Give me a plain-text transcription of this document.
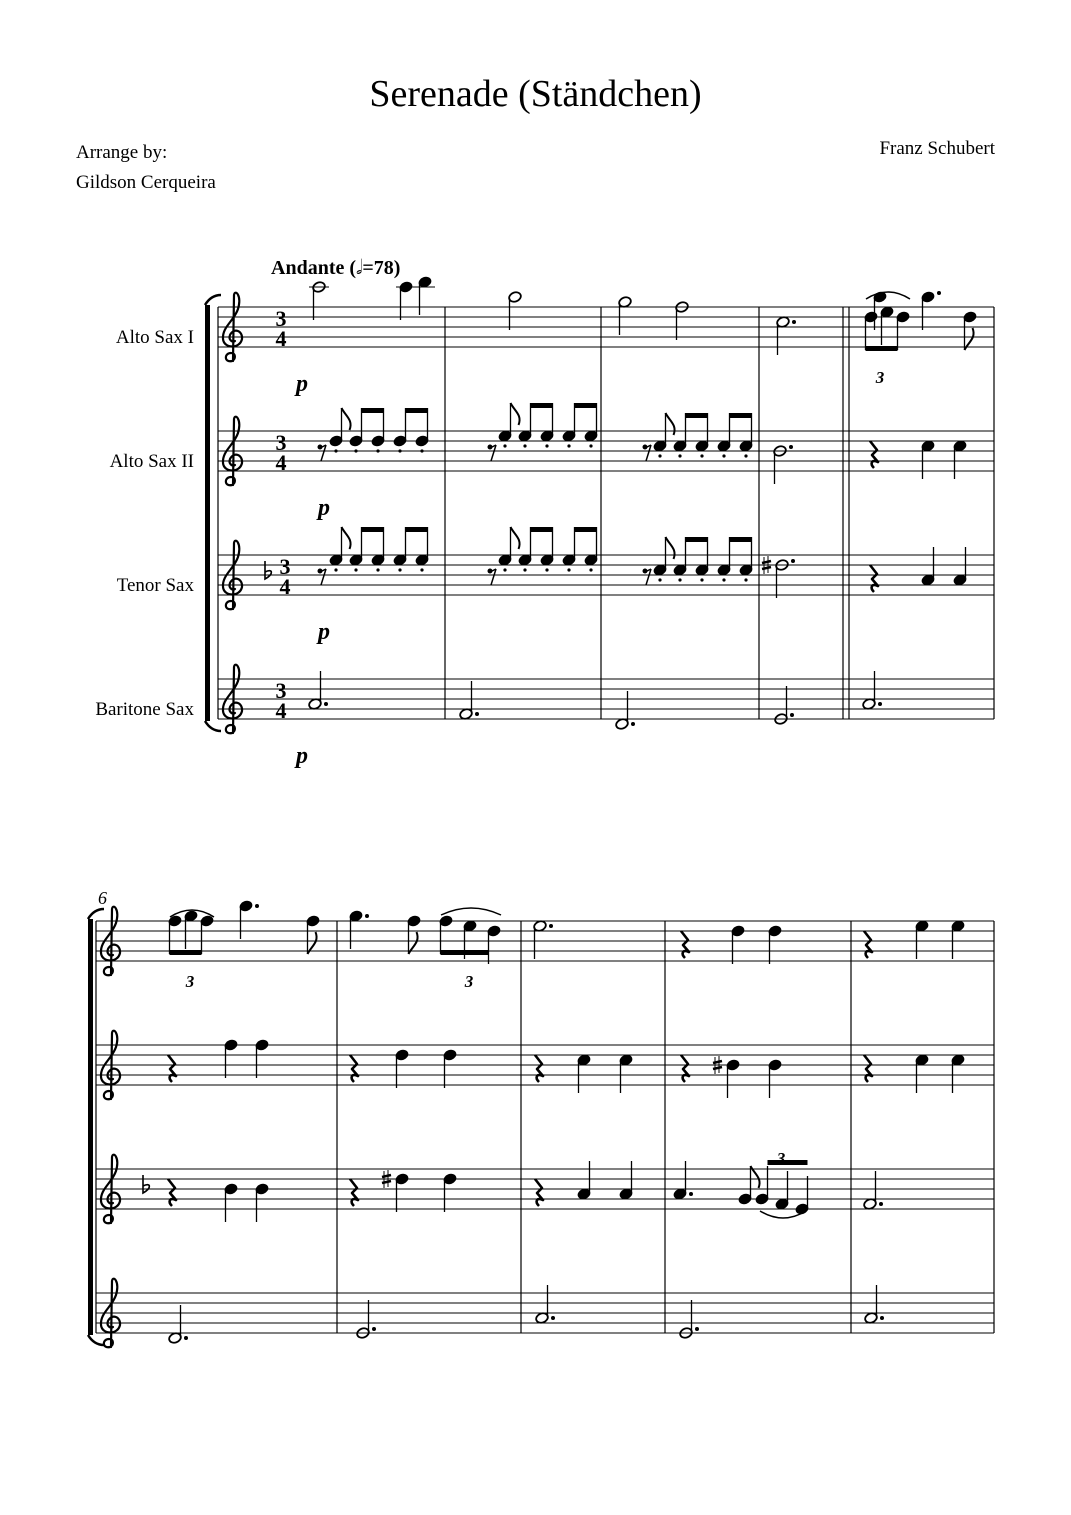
Serenade (Ständchen)
Arrange by:
Gildson Cerqueira
Franz Schubert
Andante (𝅗𝅥=78)
Alto Sax I
Alto Sax II
Tenor Sax
Baritone Sax
3
4
3
4
3
4
3
4
3
p
p
p
p
6
3	3
3
